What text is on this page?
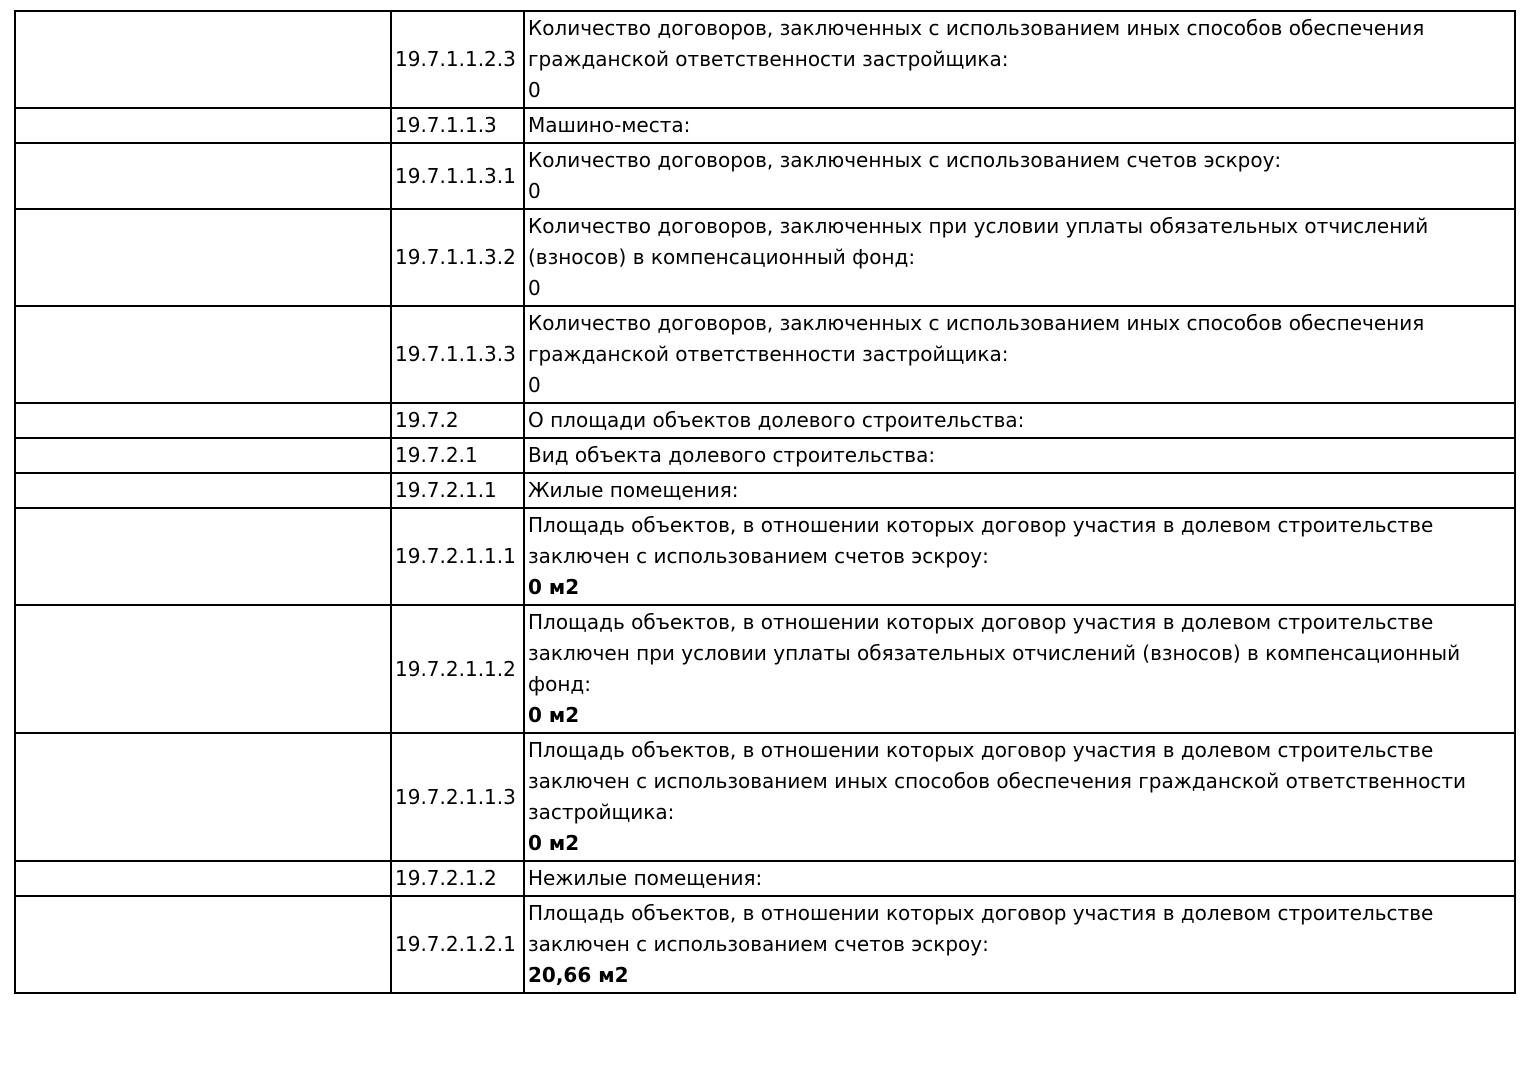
	19.7.1.1.2.3	Количество договоров, заключенных с использованием иных способов обеспечения гражданской ответственности застройщика:
0

	19.7.1.1.3	Машино-места:

	19.7.1.1.3.1	Количество договоров, заключенных с использованием счетов эскроу:
0

	19.7.1.1.3.2	Количество договоров, заключенных при условии уплаты обязательных отчислений (взносов) в компенсационный фонд:
0

	19.7.1.1.3.3	Количество договоров, заключенных с использованием иных способов обеспечения гражданской ответственности застройщика:
0

	19.7.2	О площади объектов долевого строительства:

	19.7.2.1	Вид объекта долевого строительства:

	19.7.2.1.1	Жилые помещения:

	19.7.2.1.1.1	Площадь объектов, в отношении которых договор участия в долевом строительстве заключен с использованием счетов эскроу:
0 м2

	19.7.2.1.1.2	Площадь объектов, в отношении которых договор участия в долевом строительстве заключен при условии уплаты обязательных отчислений (взносов) в компенсационный фонд:
0 м2

	19.7.2.1.1.3	Площадь объектов, в отношении которых договор участия в долевом строительстве заключен с использованием иных способов обеспечения гражданской ответственности застройщика:
0 м2

	19.7.2.1.2	Нежилые помещения:

	19.7.2.1.2.1	Площадь объектов, в отношении которых договор участия в долевом строительстве заключен с использованием счетов эскроу:
20,66 м2
